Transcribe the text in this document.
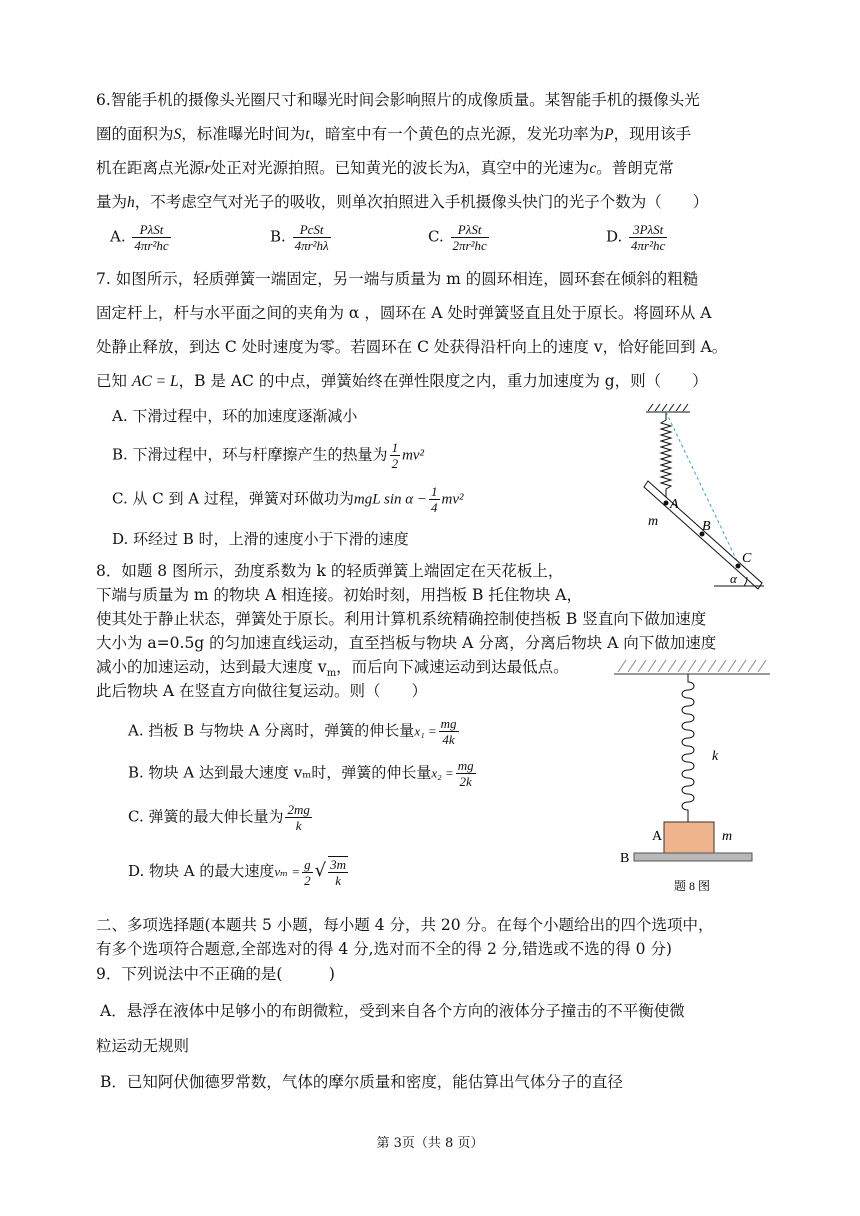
6.智能手机的摄像头光圈尺寸和曝光时间会影响照片的成像质量。某智能手机的摄像头光
圈的面积为S，标准曝光时间为t，暗室中有一个黄色的点光源，发光功率为P，现用该手
机在距离点光源r处正对光源拍照。已知黄光的波长为λ，真空中的光速为c。普朗克常
量为h，不考虑空气对光子的吸收，则单次拍照进入手机摄像头快门的光子个数为（　　）
A. $\frac{\text{PλSt}}{\text{4πr²hc}}$	B. $\frac{\text{PcSt}}{\text{4πr²hλ}}$	C. $\frac{\text{PλSt}}{\text{2πr²hc}}$	D. $\frac{\text{3PλSt}}{\text{4πr²hc}}$
7. 如图所示，轻质弹簧一端固定，另一端与质量为 m 的圆环相连，圆环套在倾斜的粗糙
固定杆上，杆与水平面之间的夹角为 α ，圆环在 A 处时弹簧竖直且处于原长。将圆环从 A
处静止释放，到达 C 处时速度为零。若圆环在 C 处获得沿杆向上的速度 v，恰好能回到 A。
已知 AC = L，B 是 AC 的中点，弹簧始终在弹性限度之内，重力加速度为 g，则（　　）
A. 下滑过程中，环的加速度逐渐减小
B. 下滑过程中，环与杆摩擦产生的热量为 $\frac{1}{2} mv^2$
C. 从 C 到 A 过程，弹簧对环做功为mgL $\sin \alpha - \frac{1}{4} mv^2$
D. 环经过 B 时，上滑的速度小于下滑的速度
A
m	B
C
α
8．如题 8 图所示，劲度系数为 k 的轻质弹簧上端固定在天花板上，
下端与质量为 m 的物块 A 相连接。初始时刻，用挡板 B 托住物块 A，
使其处于静止状态，弹簧处于原长。利用计算机系统精确控制使挡板 B 竖直向下做加速度
大小为 a=0.5g 的匀加速直线运动，直至挡板与物块 A 分离，分离后物块 A 向下做加速度
减小的加速运动，达到最大速度 $v_m$，而后向下减速运动到达最低点。
此后物块 A 在竖直方向做往复运动。则（　　）
A. 挡板 B 与物块 A 分离时，弹簧的伸长量$x_1 = \frac{mg}{4k}$
B. 物块 A 达到最大速度 vₘ时，弹簧的伸长量$x_2 = \frac{mg}{2k}$
C. 弹簧的最大伸长量为 $\frac{2mg}{k}$
D. 物块 A 的最大速度$v_m = \frac{g}{2}$ √ $\frac{3m}{k}$
k
A	m
B
题 8 图
二、多项选择题(本题共 5 小题，每小题 4 分，共 20 分。在每个小题给出的四个选项中，
有多个选项符合题意,全部选对的得 4 分,选对而不全的得 2 分,错选或不选的得 0 分)
9．下列说法中不正确的是(　　　)
A．悬浮在液体中足够小的布朗微粒，受到来自各个方向的液体分子撞击的不平衡使微
粒运动无规则
B．已知阿伏伽德罗常数，气体的摩尔质量和密度，能估算出气体分子的直径
第 3页（共 8 页）
